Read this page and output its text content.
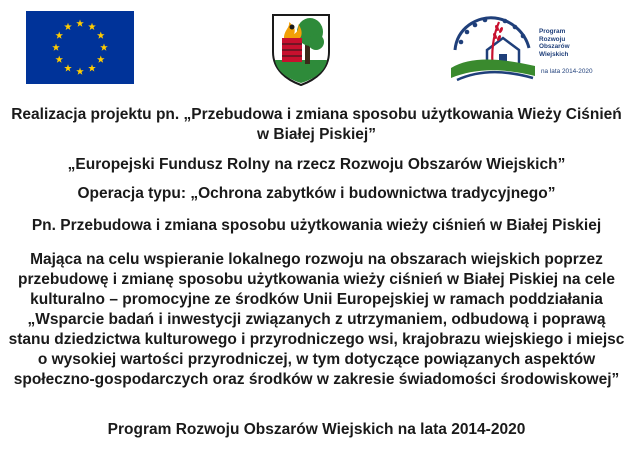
Program
Rozwoju
Obszarów
Wiejskich
na lata 2014-2020

Realizacja projektu pn. „Przebudowa i zmiana sposobu użytkowania Wieży Ciśnień w Białej Piskiej”

„Europejski Fundusz Rolny na rzecz Rozwoju Obszarów Wiejskich”

Operacja typu: „Ochrona zabytków i budownictwa tradycyjnego”

Pn. Przebudowa i zmiana sposobu użytkowania wieży ciśnień w Białej Piskiej

Mająca na celu wspieranie lokalnego rozwoju na obszarach wiejskich poprzez przebudowę i zmianę sposobu użytkowania wieży ciśnień w Białej Piskiej na cele kulturalno – promocyjne ze środków Unii Europejskiej w ramach poddziałania „Wsparcie badań i inwestycji związanych z utrzymaniem, odbudową i poprawą stanu dziedzictwa kulturowego i przyrodniczego wsi, krajobrazu wiejskiego i miejsc o wysokiej wartości przyrodniczej, w tym dotyczące powiązanych aspektów społeczno-gospodarczych oraz środków w zakresie świadomości środowiskowej”

Program Rozwoju Obszarów Wiejskich na lata 2014-2020
